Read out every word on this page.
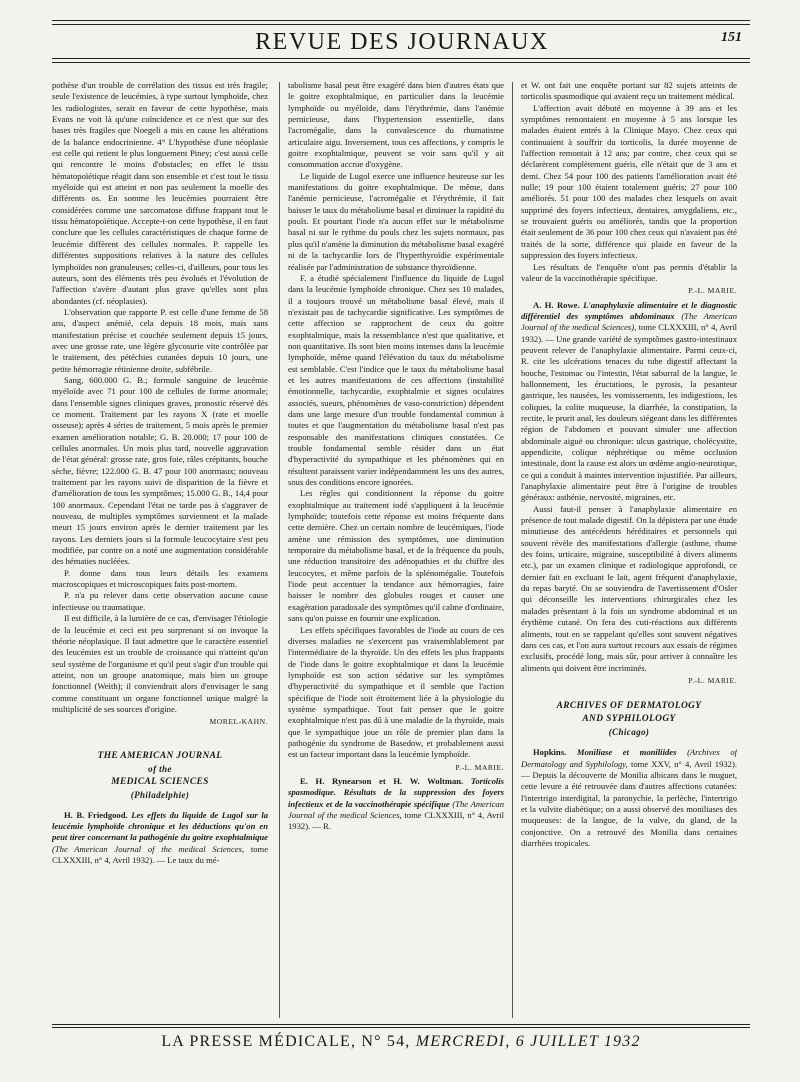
REVUE DES JOURNAUX	151

pothèse d'un trouble de corrélation des tissus est très fragile; seule l'existence de leucémies, à type surtout lymphoïde, chez les radiologistes, serait en faveur de cette hypothèse, mais Evans ne voit là qu'une coïncidence et ce n'est que sur des bases très fragiles que Noegeli a mis en cause les altérations de la balance endocrinienne. 4° L'hypothèse d'une néoplasie est celle qui retient le plus longuement Piney; c'est aussi celle qui rencontre le moins d'obstacles; en effet le tissu hématopoïétique réagit dans son ensemble et c'est tout le tissu myéloïde qui est atteint et non pas seulement la moelle des différents os. En somme les leucémies pourraient être considérées comme une sarcomatose diffuse frappant tout le tissu hématopoïétique. Accepte-t-on cette hypothèse, il en faut conclure que les cellules caractéristiques de chaque forme de leucémie diffèrent des cellules normales. P. rappelle les différentes suppositions relatives à la nature des cellules lymphoïdes non granuleuses; celles-ci, d'ailleurs, pour tous les auteurs, sont des éléments très peu évolués et l'évolution de l'affection s'avère d'autant plus grave qu'elles sont plus abondantes (cf. néoplasies).

L'observation que rapporte P. est celle d'une femme de 58 ans, d'aspect anémié, cela depuis 18 mois, mais sans manifestation précise et couchée seulement depuis 15 jours, avec une grosse rate, une légère glycosurie vite contrôlée par le traitement, des pétéchies cutanées depuis 10 jours, une petite hémorragie rétinienne droite, subfébrile.

Sang, 600.000 G. B.; formule sanguine de leucémie myéloïde avec 71 pour 100 de cellules de forme anormale; dans l'ensemble signes cliniques graves, pronostic réservé dès ce moment. Traitement par les rayons X (rate et moelle osseuse); après 4 séries de traitement, 5 mois après le premier examen amélioration notable; G. B. 20.000; 17 pour 100 de cellules anormales. Un mois plus tard, nouvelle aggravation de l'état général: grosse rate, gros foie, râles crépitants, bouche sèche, fièvre; 122.000 G. B. 47 pour 100 anormaux; nouveau traitement par les rayons suivi de disparition de la fièvre et d'amélioration de tous les symptômes; 15.000 G. B., 14,4 pour 100 anormaux. Cependant l'état ne tarde pas à s'aggraver de nouveau, de multiples symptômes surviennent et la malade meurt 15 jours environ après le dernier traitement par les rayons. Les derniers jours si la formule leucocytaire s'est peu modifiée, par contre on a noté une augmentation considérable des hématies nucléées.

P. donne dans tous leurs détails les examens macroscopiques et microscopiques faits post-mortem.

P. n'a pu relever dans cette observation aucune cause infectieuse ou traumatique.

Il est difficile, à la lumière de ce cas, d'envisager l'étiologie de la leucémie et ceci est peu surprenant si on invoque la théorie néoplasique. Il faut admettre que le caractère essentiel des leucémies est un trouble de croissance qui n'atteint qu'un seul système de l'organisme et qu'il peut s'agir d'un trouble qui atteint, non un groupe anatomique, mais bien un groupe fonctionnel (Weith); il conviendrait alors d'envisager le sang comme constituant un organe fonctionnel unique malgré la multiplicité de ses sources d'origine.

MOREL-KAHN.
THE AMERICAN JOURNAL
of the
MEDICAL SCIENCES
(Philadelphie)

H. B. Friedgood. Les effets du liquide de Lugol sur la leucémie lymphoïde chronique et les déductions qu'on en peut tirer concernant la pathogénie du goitre exophtalmique (The American Journal of the medical Sciences, tome CLXXXIII, n° 4, Avril 1932). — Le taux du mé-

tabolisme basal peut être exagéré dans bien d'autres états que le goitre exophtalmique, en particulier dans la leucémie lymphoïde ou myéloïde, dans l'érythrémie, dans l'anémie pernicieuse, dans l'hypertension essentielle, dans l'acromégalie, dans la convalescence du rhumatisme articulaire aigu. Inversement, tous ces affections, y compris le goitre exophtalmique, peuvent se voir sans qu'il y ait consommation accrue d'oxygène.

Le liquide de Lugol exerce une influence heureuse sur les manifestations du goitre exophtalmique. De même, dans l'anémie pernicieuse, l'acromégalie et l'érythrémie, il fait baisser le taux du métabolisme basal et diminuer la rapidité du pouls. Et pourtant l'iode n'a aucun effet sur le métabolisme basal ni sur le rythme du pouls chez les sujets normaux, pas plus qu'il n'amène la diminution du métabolisme basal exagéré ni de la tachycardie lors de l'hyperthyroïdie expérimentale réalisée par l'administration de substance thyroïdienne.

F. a étudié spécialement l'influence du liquide de Lugol dans la leucémie lymphoïde chronique. Chez ses 10 malades, il a toujours trouvé un métabolisme basal élevé, mais il n'existait pas de tachycardie significative. Les symptômes de cette affection se rapprochent de ceux du goitre exophtalmique, mais la ressemblance n'est que qualitative, et non quantitative. Ils sont bien moins intenses dans la leucémie lymphoïde, même quand l'élévation du taux du métabolisme est semblable. C'est l'indice que le taux du métabolisme basal et les autres manifestations de ces affections (instabilité émotionnelle, tachycardie, exophtalmie et signes oculaires associés, sueurs, phénomènes de vaso-constriction) dépendent dans une large mesure d'un trouble fondamental commun à toutes et que l'augmentation du métabolisme basal n'est pas responsable des manifestations cliniques constatées. Ce trouble fondamental semble résider dans un état d'hyperactivité du sympathique et les phénomènes qui en résultent paraissent varier indépendamment les uns des autres, sous des conditions encore ignorées.

Les règles qui conditionnent la réponse du goitre exophtalmique au traitement iodé s'appliquent à la leucémie lymphoïde; toutefois cette réponse est moins fréquente dans cette dernière. Chez un certain nombre de leucémiques, l'iode amène une rémission des symptômes, une diminution temporaire du métabolisme basal, et de la fréquence du pouls, une réduction transitoire des adénopathies et du chiffre des leucocytes, et même parfois de la splénomégalie. Toutefois l'iode peut accentuer la tendance aux hémorragies, faire baisser le nombre des globules rouges et causer une exagération paradoxale des symptômes qu'il calme d'ordinaire, sans qu'on puisse en fournir une explication.

Les effets spécifiques favorables de l'iode au cours de ces diverses maladies ne s'exercent pas vraisemblablement par l'intermédiaire de la thyroïde. Un des effets les plus frappants de l'iode dans le goitre exophtalmique et dans la leucémie lymphoïde est son action sédative sur les symptômes d'hyperactivité du sympathique et il semble que l'action spécifique de l'iode soit étroitement liée à la physiologie du système sympathique. Tout fait penser que le goitre exophtalmique n'est pas dû à une maladie de la thyroïde, mais que le sympathique joue un rôle de premier plan dans la pathogénie du syndrome de Basedow, et probablement aussi est un facteur important dans la leucémie lymphoïde.

P.-L. MARIE.

E. H. Rynearson et H. W. Woltman. Torticolis spasmodique. Résultats de la suppression des foyers infectieux et de la vaccinothérapie spécifique (The American Journal of the medical Sciences, tome CLXXXIII, n° 4, Avril 1932). — R.

et W. ont fait une enquête portant sur 82 sujets atteints de torticolis spasmodique qui avaient reçu un traitement médical.

L'affection avait débuté en moyenne à 39 ans et les symptômes remontaient en moyenne à 5 ans lorsque les malades étaient entrés à la Clinique Mayo. Chez ceux qui continuaient à souffrir du torticolis, la durée moyenne de l'affection remontait à 12 ans; par contre, chez ceux qui se déclarèrent complètement guéris, elle n'était que de 3 ans et demi. Chez 54 pour 100 des patients l'amélioration avait été nulle; 19 pour 100 étaient totalement guéris; 27 pour 100 améliorés. 51 pour 100 des malades chez lesquels on avait supprimé des foyers infectieux, dentaires, amygdaliens, etc., se trouvaient guéris ou améliorés, tandis que la proportion était seulement de 36 pour 100 chez ceux qui n'avaient pas été traités de la sorte, différence qui plaide en faveur de la suppression des foyers infectieux.

Les résultats de l'enquête n'ont pas permis d'établir la valeur de la vaccinothérapie spécifique.

P.-L. MARIE.

A. H. Rowe. L'anaphylaxie alimentaire et le diagnostic différentiel des symptômes abdominaux (The American Journal of the medical Sciences), tome CLXXXIII, n° 4, Avril 1932). — Une grande variété de symptômes gastro-intestinaux peuvent relever de l'anaphylaxie alimentaire. Parmi ceux-ci, R. cite les ulcérations tenaces du tube digestif affectant la bouche, l'estomac ou l'intestin, l'état saburral de la langue, le ballonnement, les éructations, le pyrosis, la pesanteur gastrique, les nausées, les vomissements, les indigestions, les coliques, la colite muqueuse, la diarrhée, la constipation, la rectite, le prurit anal, les douleurs siégeant dans les différentes région de l'abdomen et pouvant simuler une affection abdominale aiguë ou chronique: ulcus gastrique, cholécystite, appendicite, colique néphrétique ou même occlusion intestinale, dont la cause est alors un œdème angio-neurotique, ce qui a conduit à maintes intervention injustifiée. Par ailleurs, l'anaphylaxie alimentaire peut être à l'origine de troubles généraux: asthénie, nervosité, migraines, etc.

Aussi faut-il penser à l'anaphylaxie alimentaire en présence de tout malade digestif. On la dépistera par une étude minutieuse des antécédents héréditaires et personnels qui souvent révèle des manifestations d'allergie (asthme, rhume des foins, urticaire, migraine, susceptibilité à divers aliments etc.), par un examen clinique et radiologique approfondi, ce dernier fait en excluant le lait, agent fréquent d'anaphylaxie, du repas baryté. On se souviendra de l'avertissement d'Osler qui déconseille les interventions chirurgicales chez les malades présentant à la fois un syndrome abdominal et un érythème cutané. On fera des cuti-réactions aux différents aliments, tout en se rappelant qu'elles sont souvent négatives dans ces cas, et l'on aura surtout recours aux essais de régimes exclusifs, procédé long, mais sûr, pour arriver à connaître les aliments qui doivent être incriminés.

P.-L. MARIE.
ARCHIVES OF DERMATOLOGY
AND SYPHILOLOGY
(Chicago)

Hopkins. Moniliase et moniliides (Archives of Dermatology and Syphilology, tome XXV, n° 4, Avril 1932). — Depuis la découverte de Monilia albicans dans le muguet, cette levure a été retrouvée dans d'autres affections cutanées: l'intertrigo interdigital, la paronychie, la perlèche, l'intertrigo et la vulvite diabétique; on a aussi observé des moniliases des muqueuses: de la langue, de la vulve, du gland, de la conjonctive. On a retrouvé des Monilia dans certaines diarrhées tropicales.

LA PRESSE MÉDICALE, N° 54, MERCREDI, 6 JUILLET 1932
